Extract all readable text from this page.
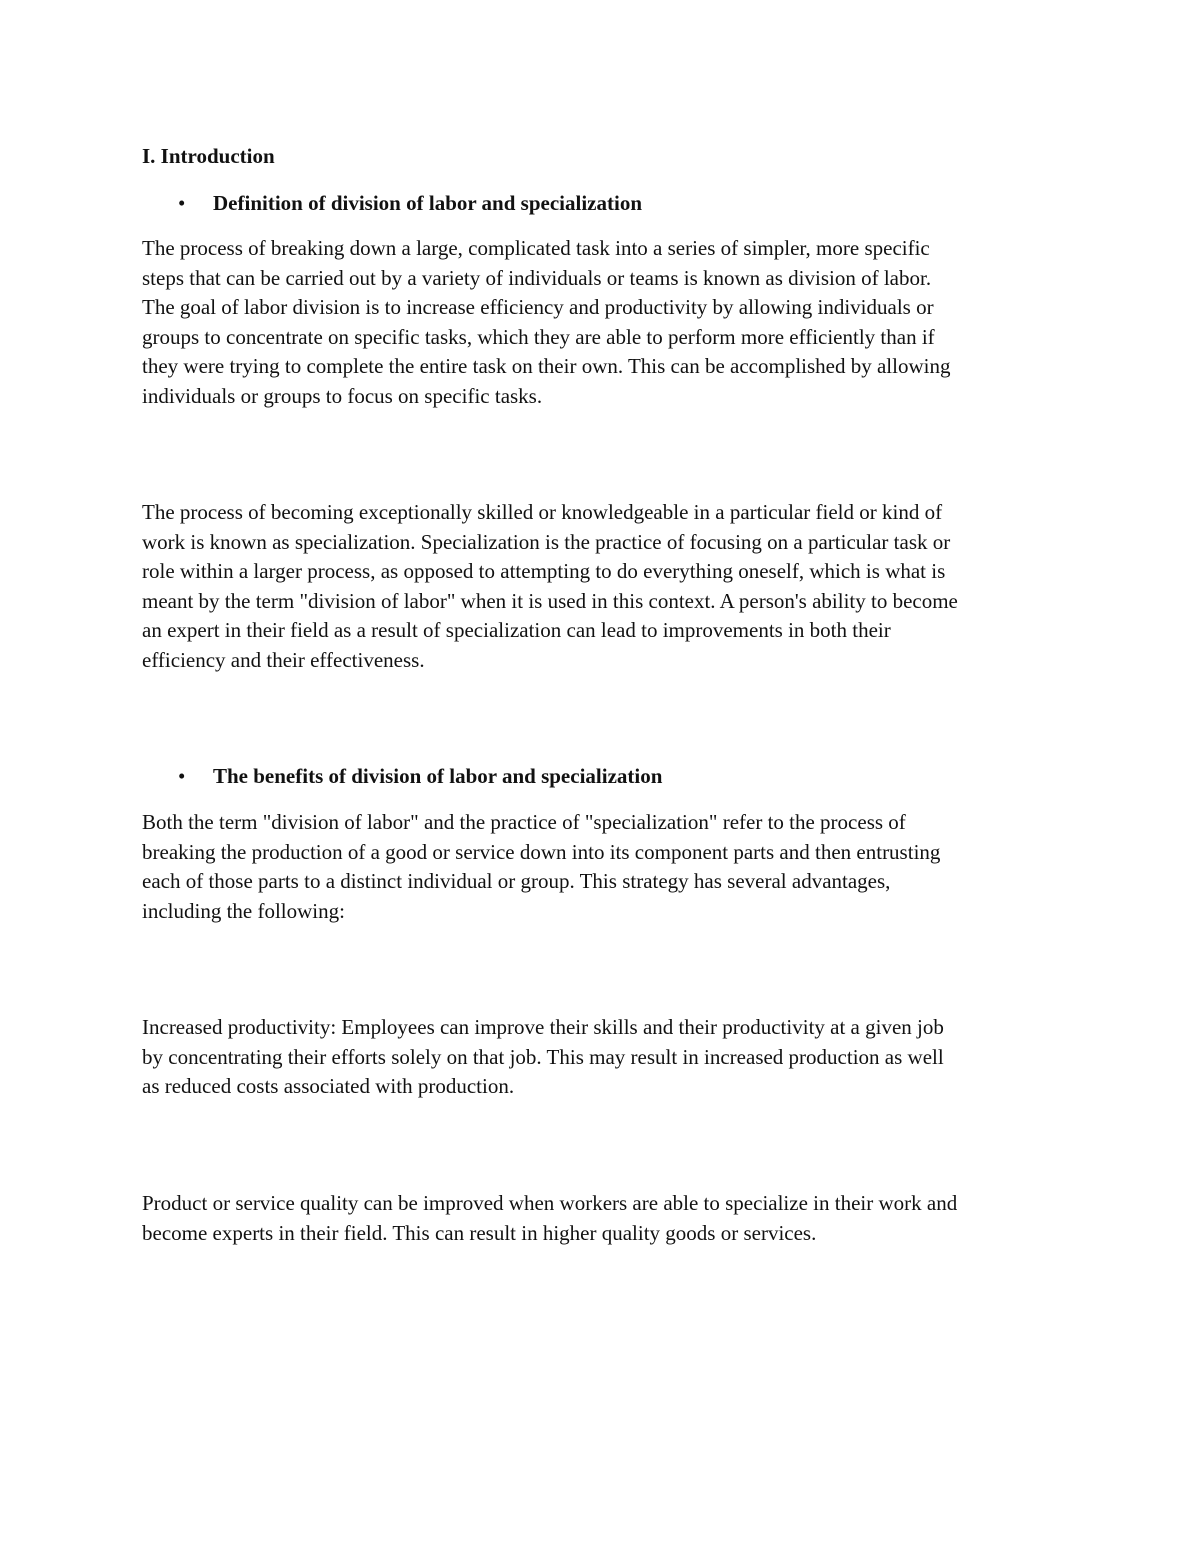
I. Introduction
• Definition of division of labor and specialization
The process of breaking down a large, complicated task into a series of simpler, more specific
steps that can be carried out by a variety of individuals or teams is known as division of labor.
The goal of labor division is to increase efficiency and productivity by allowing individuals or
groups to concentrate on specific tasks, which they are able to perform more efficiently than if
they were trying to complete the entire task on their own. This can be accomplished by allowing
individuals or groups to focus on specific tasks.
The process of becoming exceptionally skilled or knowledgeable in a particular field or kind of
work is known as specialization. Specialization is the practice of focusing on a particular task or
role within a larger process, as opposed to attempting to do everything oneself, which is what is
meant by the term "division of labor" when it is used in this context. A person's ability to become
an expert in their field as a result of specialization can lead to improvements in both their
efficiency and their effectiveness.
• The benefits of division of labor and specialization
Both the term "division of labor" and the practice of "specialization" refer to the process of
breaking the production of a good or service down into its component parts and then entrusting
each of those parts to a distinct individual or group. This strategy has several advantages,
including the following:
Increased productivity: Employees can improve their skills and their productivity at a given job
by concentrating their efforts solely on that job. This may result in increased production as well
as reduced costs associated with production.
Product or service quality can be improved when workers are able to specialize in their work and
become experts in their field. This can result in higher quality goods or services.
